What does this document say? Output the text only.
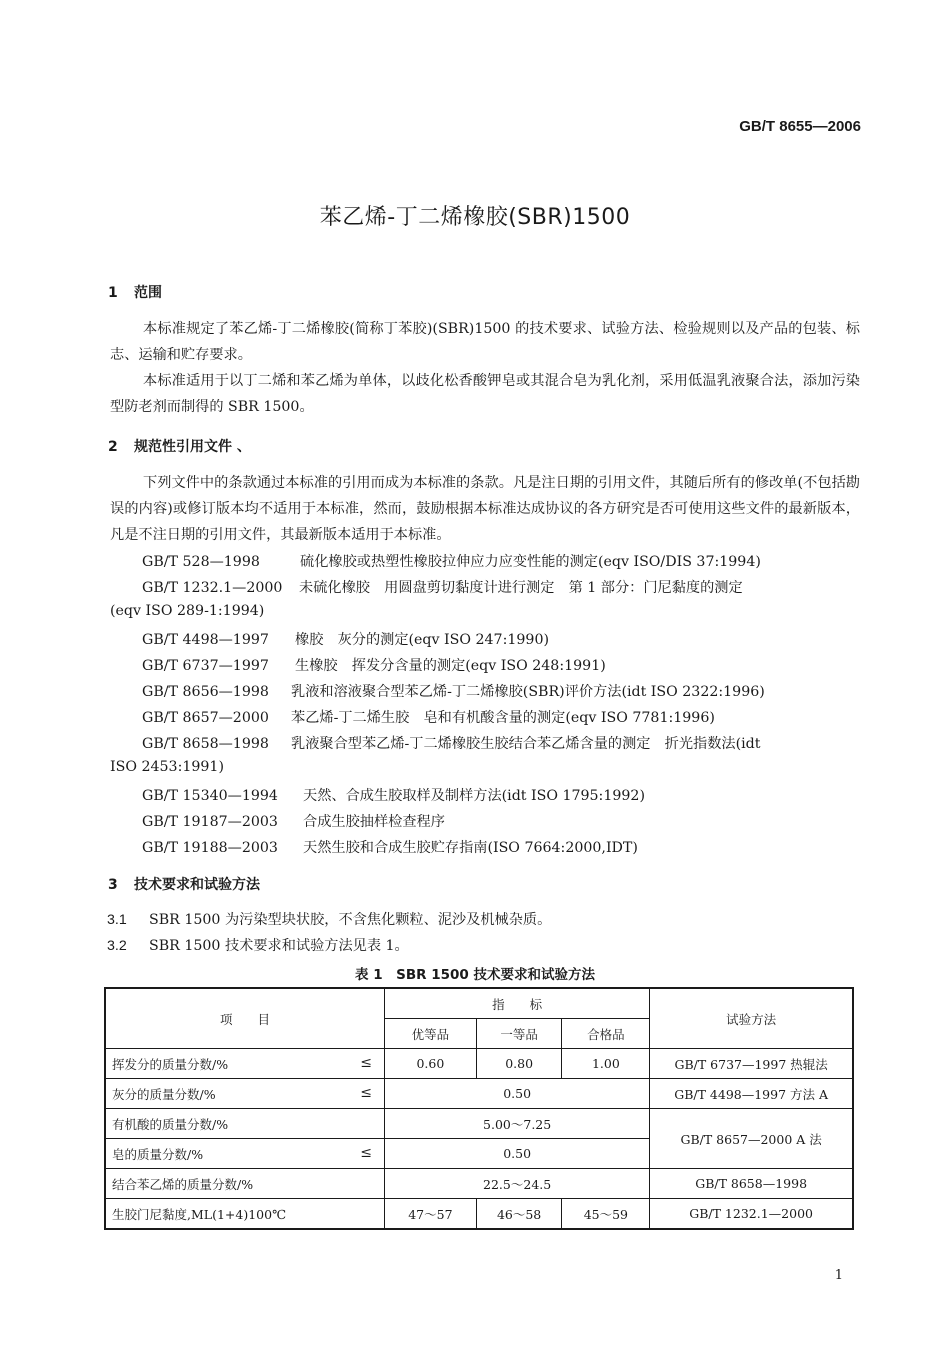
GB/T 8655—2006
苯乙烯-丁二烯橡胶(SBR)1500
1 范围
本标准规定了苯乙烯-丁二烯橡胶(简称丁苯胶)(SBR)1500 的技术要求、试验方法、检验规则以及产品的包装、标志、运输和贮存要求。
本标准适用于以丁二烯和苯乙烯为单体，以歧化松香酸钾皂或其混合皂为乳化剂，采用低温乳液聚合法，添加污染型防老剂而制得的 SBR 1500。
2 规范性引用文件 、
下列文件中的条款通过本标准的引用而成为本标准的条款。凡是注日期的引用文件，其随后所有的修改单(不包括勘误的内容)或修订版本均不适用于本标准，然而，鼓励根据本标准达成协议的各方研究是否可使用这些文件的最新版本，凡是不注日期的引用文件，其最新版本适用于本标准。
GB/T 528—1998	硫化橡胶或热塑性橡胶拉伸应力应变性能的测定(eqv ISO/DIS 37:1994)
GB/T 1232.1—2000 未硫化橡胶　用圆盘剪切黏度计进行测定　第 1 部分：门尼黏度的测定
(eqv ISO 289-1:1994)
GB/T 4498—1997 橡胶　灰分的测定(eqv ISO 247:1990)
GB/T 6737—1997 生橡胶　挥发分含量的测定(eqv ISO 248:1991)
GB/T 8656—1998 乳液和溶液聚合型苯乙烯-丁二烯橡胶(SBR)评价方法(idt ISO 2322:1996)
GB/T 8657—2000 苯乙烯-丁二烯生胶　皂和有机酸含量的测定(eqv ISO 7781:1996)
GB/T 8658—1998 乳液聚合型苯乙烯-丁二烯橡胶生胶结合苯乙烯含量的测定　折光指数法(idt
ISO 2453:1991)
GB/T 15340—1994 天然、合成生胶取样及制样方法(idt ISO 1795:1992)
GB/T 19187—2003 合成生胶抽样检查程序
GB/T 19188—2003 天然生胶和合成生胶贮存指南(ISO 7664:2000,IDT)
3 技术要求和试验方法
3.1 SBR 1500 为污染型块状胶，不含焦化颗粒、泥沙及机械杂质。
3.2 SBR 1500 技术要求和试验方法见表 1。
表 1　SBR 1500 技术要求和试验方法
项　　目	指　　标			试验方法
	优等品	一等品	合格品	
挥发分的质量分数/% ≤	0.60	0.80	1.00	GB/T 6737—1997 热辊法
灰分的质量分数/% ≤	0.50			GB/T 4498—1997 方法 A
有机酸的质量分数/%	5.00～7.25			GB/T 8657—2000 A 法
皂的质量分数/% ≤	0.50			
结合苯乙烯的质量分数/%	22.5～24.5			GB/T 8658—1998
生胶门尼黏度,ML(1+4)100℃	47～57	46～58	45～59	GB/T 1232.1—2000
1
